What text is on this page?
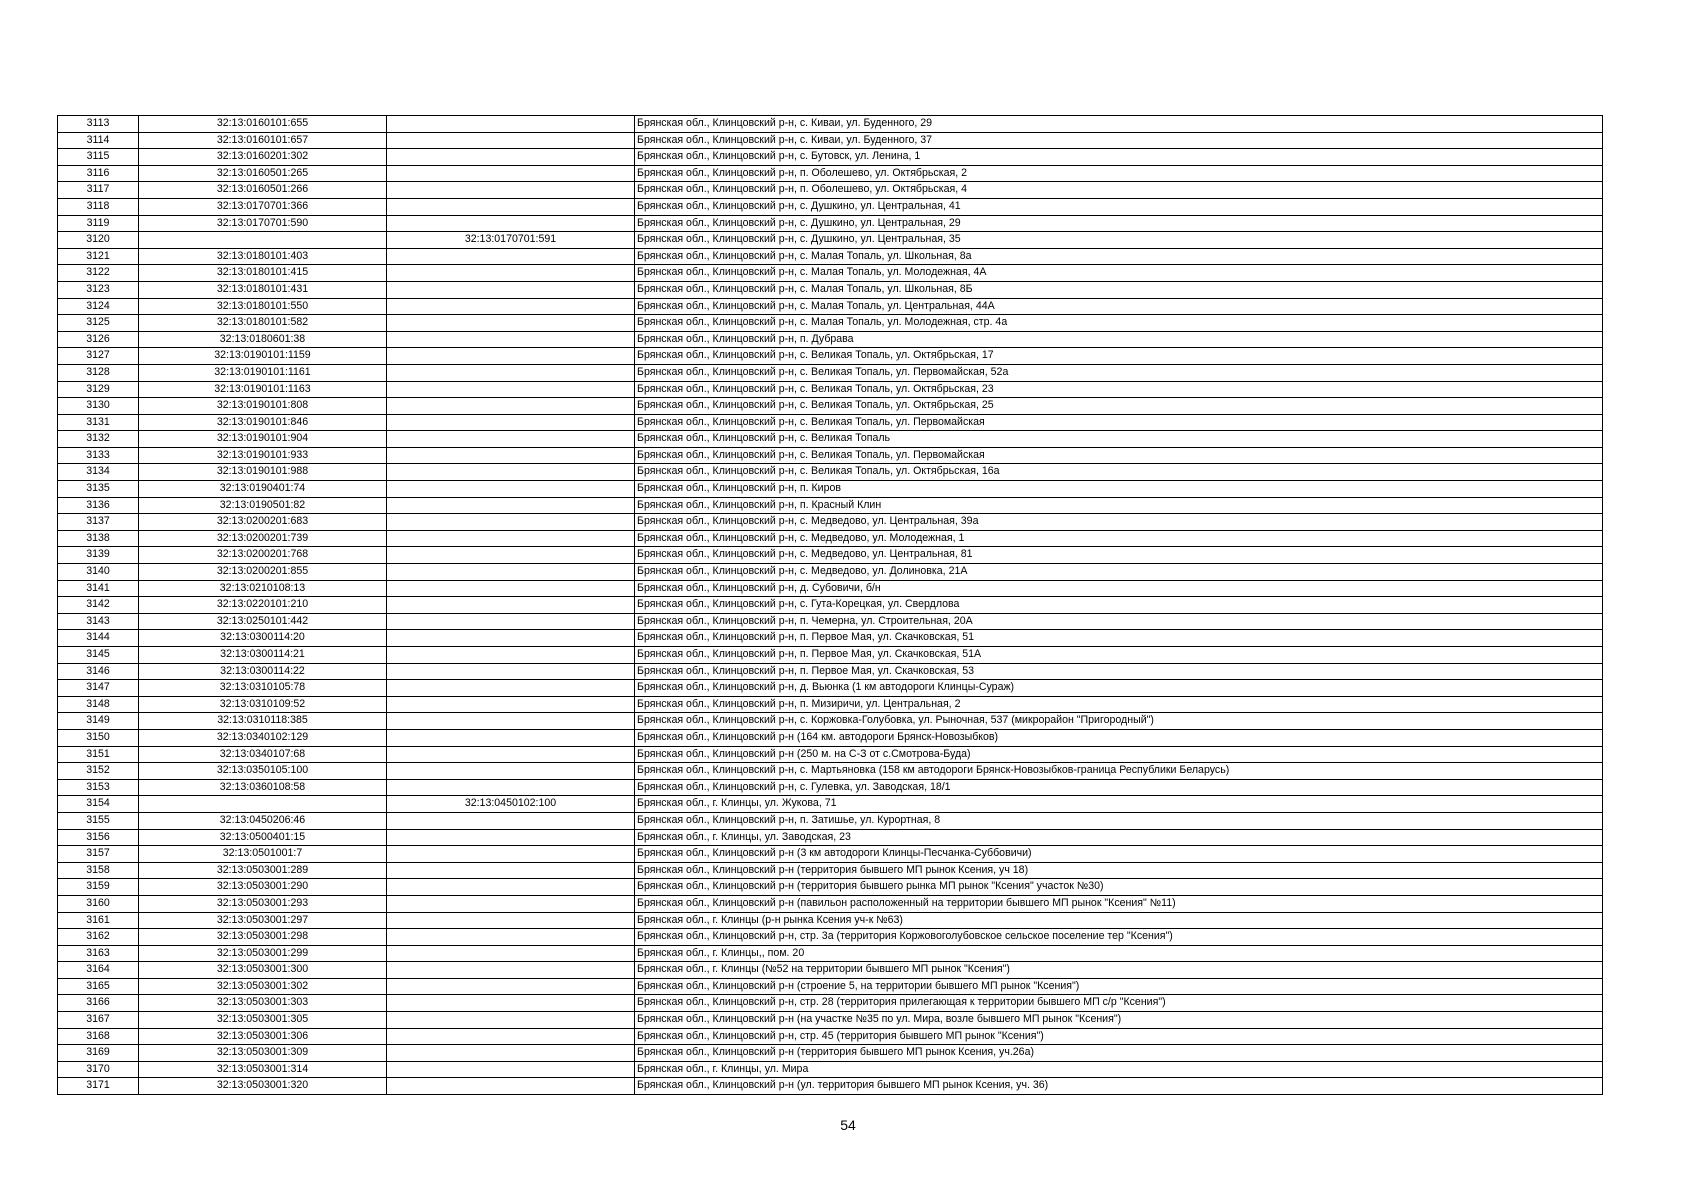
3113	32:13:0160101:655		Брянская обл., Клинцовский р-н, с. Киваи, ул. Буденного, 29
3114	32:13:0160101:657		Брянская обл., Клинцовский р-н, с. Киваи, ул. Буденного, 37
3115	32:13:0160201:302		Брянская обл., Клинцовский р-н, с. Бутовск, ул. Ленина, 1
3116	32:13:0160501:265		Брянская обл., Клинцовский р-н, п. Оболешево, ул. Октябрьская, 2
3117	32:13:0160501:266		Брянская обл., Клинцовский р-н, п. Оболешево, ул. Октябрьская, 4
3118	32:13:0170701:366		Брянская обл., Клинцовский р-н, с. Душкино, ул. Центральная, 41
3119	32:13:0170701:590		Брянская обл., Клинцовский р-н, с. Душкино, ул. Центральная, 29
3120		32:13:0170701:591	Брянская обл., Клинцовский р-н, с. Душкино, ул. Центральная, 35
3121	32:13:0180101:403		Брянская обл., Клинцовский р-н, с. Малая Топаль, ул. Школьная, 8а
3122	32:13:0180101:415		Брянская обл., Клинцовский р-н, с. Малая Топаль, ул. Молодежная, 4А
3123	32:13:0180101:431		Брянская обл., Клинцовский р-н, с. Малая Топаль, ул. Школьная, 8Б
3124	32:13:0180101:550		Брянская обл., Клинцовский р-н, с. Малая Топаль, ул. Центральная, 44А
3125	32:13:0180101:582		Брянская обл., Клинцовский р-н, с. Малая Топаль, ул. Молодежная, стр. 4а
3126	32:13:0180601:38		Брянская обл., Клинцовский р-н, п. Дубрава
3127	32:13:0190101:1159		Брянская обл., Клинцовский р-н, с. Великая Топаль, ул. Октябрьская, 17
3128	32:13:0190101:1161		Брянская обл., Клинцовский р-н, с. Великая Топаль, ул. Первомайская, 52а
3129	32:13:0190101:1163		Брянская обл., Клинцовский р-н, с. Великая Топаль, ул. Октябрьская, 23
3130	32:13:0190101:808		Брянская обл., Клинцовский р-н, с. Великая Топаль, ул. Октябрьская, 25
3131	32:13:0190101:846		Брянская обл., Клинцовский р-н, с. Великая Топаль, ул. Первомайская
3132	32:13:0190101:904		Брянская обл., Клинцовский р-н, с. Великая Топаль
3133	32:13:0190101:933		Брянская обл., Клинцовский р-н, с. Великая Топаль, ул. Первомайская
3134	32:13:0190101:988		Брянская обл., Клинцовский р-н, с. Великая Топаль, ул. Октябрьская, 16а
3135	32:13:0190401:74		Брянская обл., Клинцовский р-н, п. Киров
3136	32:13:0190501:82		Брянская обл., Клинцовский р-н, п. Красный Клин
3137	32:13:0200201:683		Брянская обл., Клинцовский р-н, с. Медведово, ул. Центральная, 39а
3138	32:13:0200201:739		Брянская обл., Клинцовский р-н, с. Медведово, ул. Молодежная, 1
3139	32:13:0200201:768		Брянская обл., Клинцовский р-н, с. Медведово, ул. Центральная, 81
3140	32:13:0200201:855		Брянская обл., Клинцовский р-н, с. Медведово, ул. Долиновка, 21А
3141	32:13:0210108:13		Брянская обл., Клинцовский р-н, д. Субовичи, б/н
3142	32:13:0220101:210		Брянская обл., Клинцовский р-н, с. Гута-Корецкая, ул. Свердлова
3143	32:13:0250101:442		Брянская обл., Клинцовский р-н, п. Чемерна, ул. Строительная, 20А
3144	32:13:0300114:20		Брянская обл., Клинцовский р-н, п. Первое Мая, ул. Скачковская, 51
3145	32:13:0300114:21		Брянская обл., Клинцовский р-н, п. Первое Мая, ул. Скачковская, 51А
3146	32:13:0300114:22		Брянская обл., Клинцовский р-н, п. Первое Мая, ул. Скачковская, 53
3147	32:13:0310105:78		Брянская обл., Клинцовский р-н, д. Вьюнка (1 км автодороги Клинцы-Сураж)
3148	32:13:0310109:52		Брянская обл., Клинцовский р-н, п. Мизиричи, ул. Центральная, 2
3149	32:13:0310118:385		Брянская обл., Клинцовский р-н, с. Коржовка-Голубовка, ул. Рыночная, 537 (микрорайон "Пригородный")
3150	32:13:0340102:129		Брянская обл., Клинцовский р-н (164 км. автодороги Брянск-Новозыбков)
3151	32:13:0340107:68		Брянская обл., Клинцовский р-н (250 м. на С-З от с.Смотрова-Буда)
3152	32:13:0350105:100		Брянская обл., Клинцовский р-н, с. Мартьяновка (158 км автодороги Брянск-Новозыбков-граница Республики Беларусь)
3153	32:13:0360108:58		Брянская обл., Клинцовский р-н, с. Гулевка, ул. Заводская, 18/1
3154		32:13:0450102:100	Брянская обл., г. Клинцы, ул. Жукова, 71
3155	32:13:0450206:46		Брянская обл., Клинцовский р-н, п. Затишье, ул. Курортная, 8
3156	32:13:0500401:15		Брянская обл., г. Клинцы, ул. Заводская, 23
3157	32:13:0501001:7		Брянская обл., Клинцовский р-н (3 км автодороги Клинцы-Песчанка-Суббовичи)
3158	32:13:0503001:289		Брянская обл., Клинцовский р-н (территория бывшего МП рынок Ксения, уч 18)
3159	32:13:0503001:290		Брянская обл., Клинцовский р-н (территория бывшего рынка МП рынок "Ксения" участок №30)
3160	32:13:0503001:293		Брянская обл., Клинцовский р-н (павильон расположенный на территории бывшего МП рынок "Ксения" №11)
3161	32:13:0503001:297		Брянская обл., г. Клинцы (р-н рынка Ксения уч-к №63)
3162	32:13:0503001:298		Брянская обл., Клинцовский р-н, стр. 3а (территория Коржовоголубовское сельское поселение тер "Ксения")
3163	32:13:0503001:299		Брянская обл., г. Клинцы,, пом. 20
3164	32:13:0503001:300		Брянская обл., г. Клинцы (№52 на территории бывшего МП рынок "Ксения")
3165	32:13:0503001:302		Брянская обл., Клинцовский р-н (строение 5, на территории бывшего МП рынок "Ксения")
3166	32:13:0503001:303		Брянская обл., Клинцовский р-н, стр. 28 (территория прилегающая к территории бывшего МП с/р "Ксения")
3167	32:13:0503001:305		Брянская обл., Клинцовский р-н (на участке №35 по ул. Мира, возле бывшего МП рынок "Ксения")
3168	32:13:0503001:306		Брянская обл., Клинцовский р-н, стр. 45 (территория бывшего МП рынок "Ксения")
3169	32:13:0503001:309		Брянская обл., Клинцовский р-н (территория бывшего МП рынок Ксения, уч.26а)
3170	32:13:0503001:314		Брянская обл., г. Клинцы, ул. Мира
3171	32:13:0503001:320		Брянская обл., Клинцовский р-н (ул. территория бывшего МП рынок Ксения, уч. 36)
54
